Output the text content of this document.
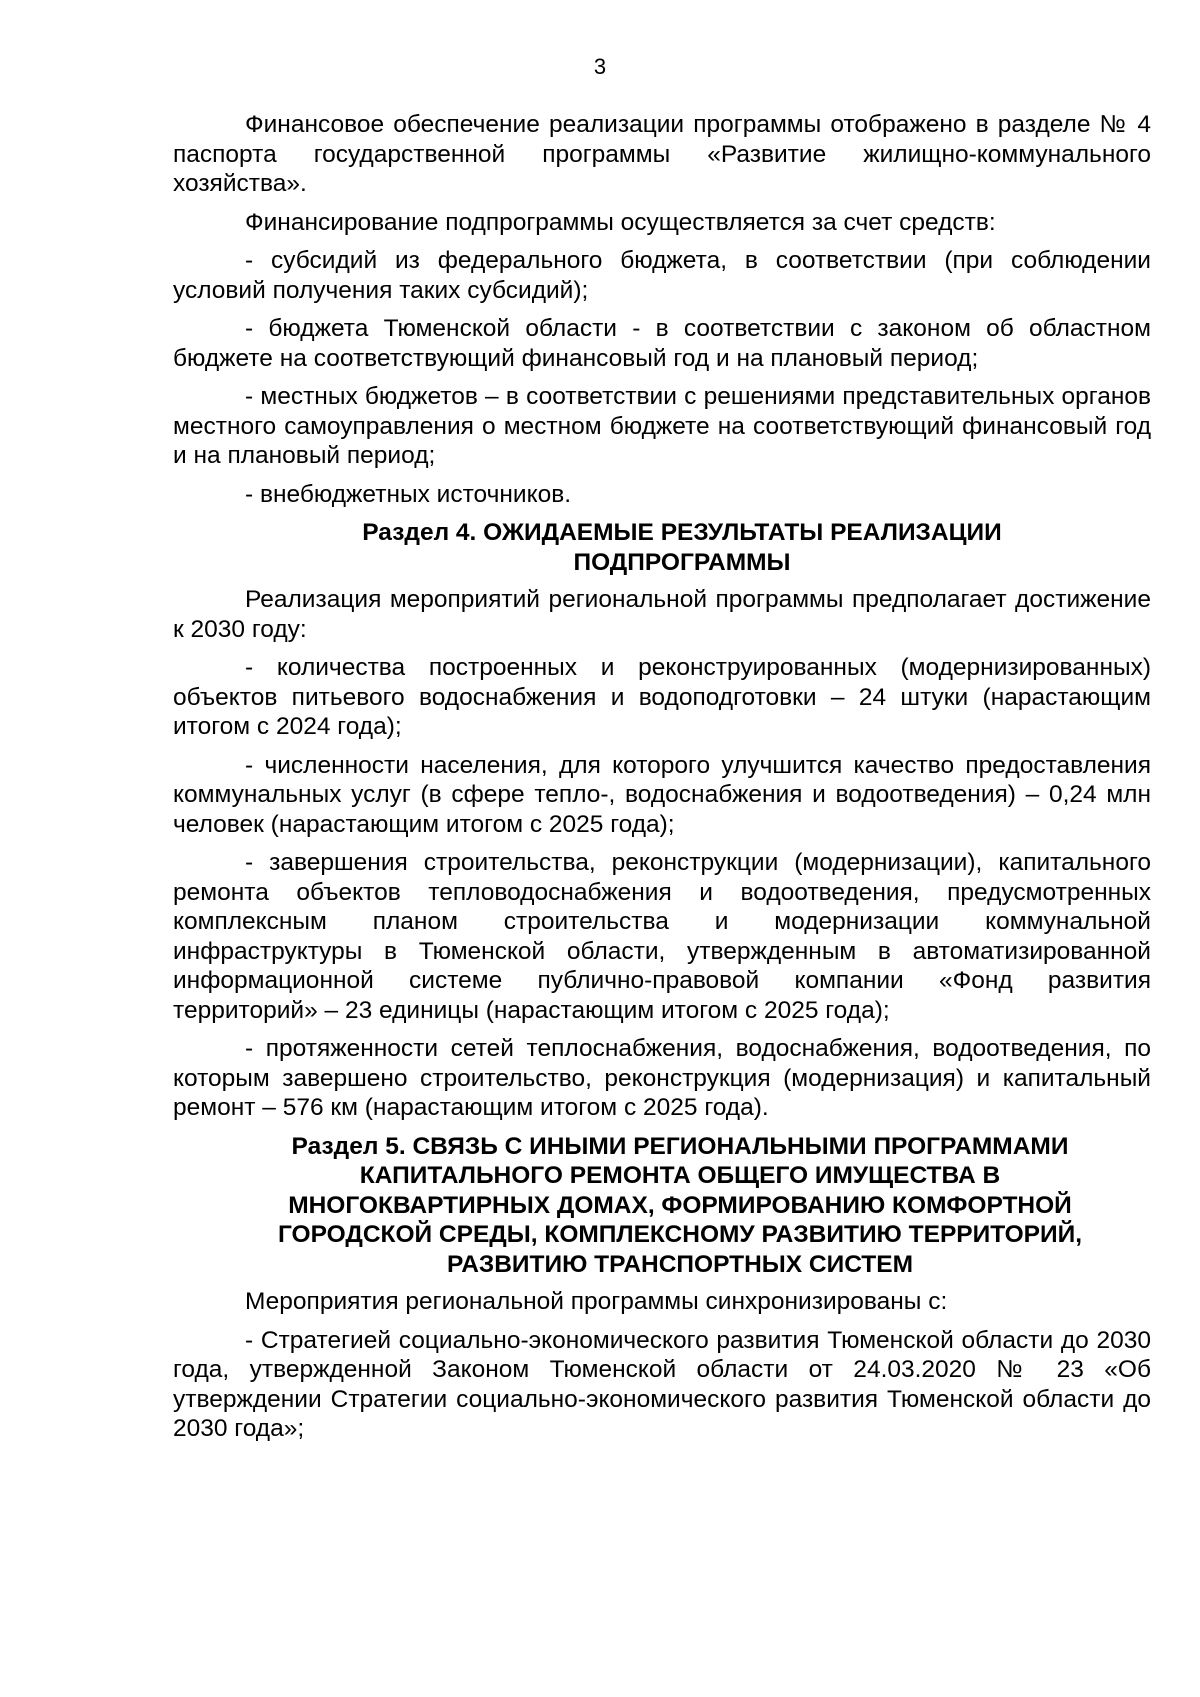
3

Финансовое обеспечение реализации программы отображено в разделе № 4 паспорта государственной программы «Развитие жилищно-коммунального хозяйства».

Финансирование подпрограммы осуществляется за счет средств:

- субсидий из федерального бюджета, в соответствии (при соблюдении условий получения таких субсидий);

- бюджета Тюменской области - в соответствии с законом об областном бюджете на соответствующий финансовый год и на плановый период;

- местных бюджетов – в соответствии с решениями представительных органов местного самоуправления о местном бюджете на соответствующий финансовый год и на плановый период;

- внебюджетных источников.

Раздел 4. ОЖИДАЕМЫЕ РЕЗУЛЬТАТЫ РЕАЛИЗАЦИИ
ПОДПРОГРАММЫ

Реализация мероприятий региональной программы предполагает достижение к 2030 году:

- количества построенных и реконструированных (модернизированных) объектов питьевого водоснабжения и водоподготовки – 24 штуки (нарастающим итогом с 2024 года);

- численности населения, для которого улучшится качество предоставления коммунальных услуг (в сфере тепло-, водоснабжения и водоотведения) – 0,24 млн человек (нарастающим итогом с 2025 года);

- завершения строительства, реконструкции (модернизации), капитального ремонта объектов тепловодоснабжения и водоотведения, предусмотренных комплексным планом строительства и модернизации коммунальной инфраструктуры в Тюменской области, утвержденным в автоматизированной информационной системе публично-правовой компании «Фонд развития территорий» – 23 единицы (нарастающим итогом с 2025 года);

- протяженности сетей теплоснабжения, водоснабжения, водоотведения, по которым завершено строительство, реконструкция (модернизация) и капитальный ремонт – 576 км (нарастающим итогом с 2025 года).

Раздел 5. СВЯЗЬ С ИНЫМИ РЕГИОНАЛЬНЫМИ ПРОГРАММАМИ
КАПИТАЛЬНОГО РЕМОНТА ОБЩЕГО ИМУЩЕСТВА В
МНОГОКВАРТИРНЫХ ДОМАХ, ФОРМИРОВАНИЮ КОМФОРТНОЙ
ГОРОДСКОЙ СРЕДЫ, КОМПЛЕКСНОМУ РАЗВИТИЮ ТЕРРИТОРИЙ,
РАЗВИТИЮ ТРАНСПОРТНЫХ СИСТЕМ

Мероприятия региональной программы синхронизированы с:

- Стратегией социально-экономического развития Тюменской области до 2030 года, утвержденной Законом Тюменской области от 24.03.2020 № 23 «Об утверждении Стратегии социально-экономического развития Тюменской области до 2030 года»;
